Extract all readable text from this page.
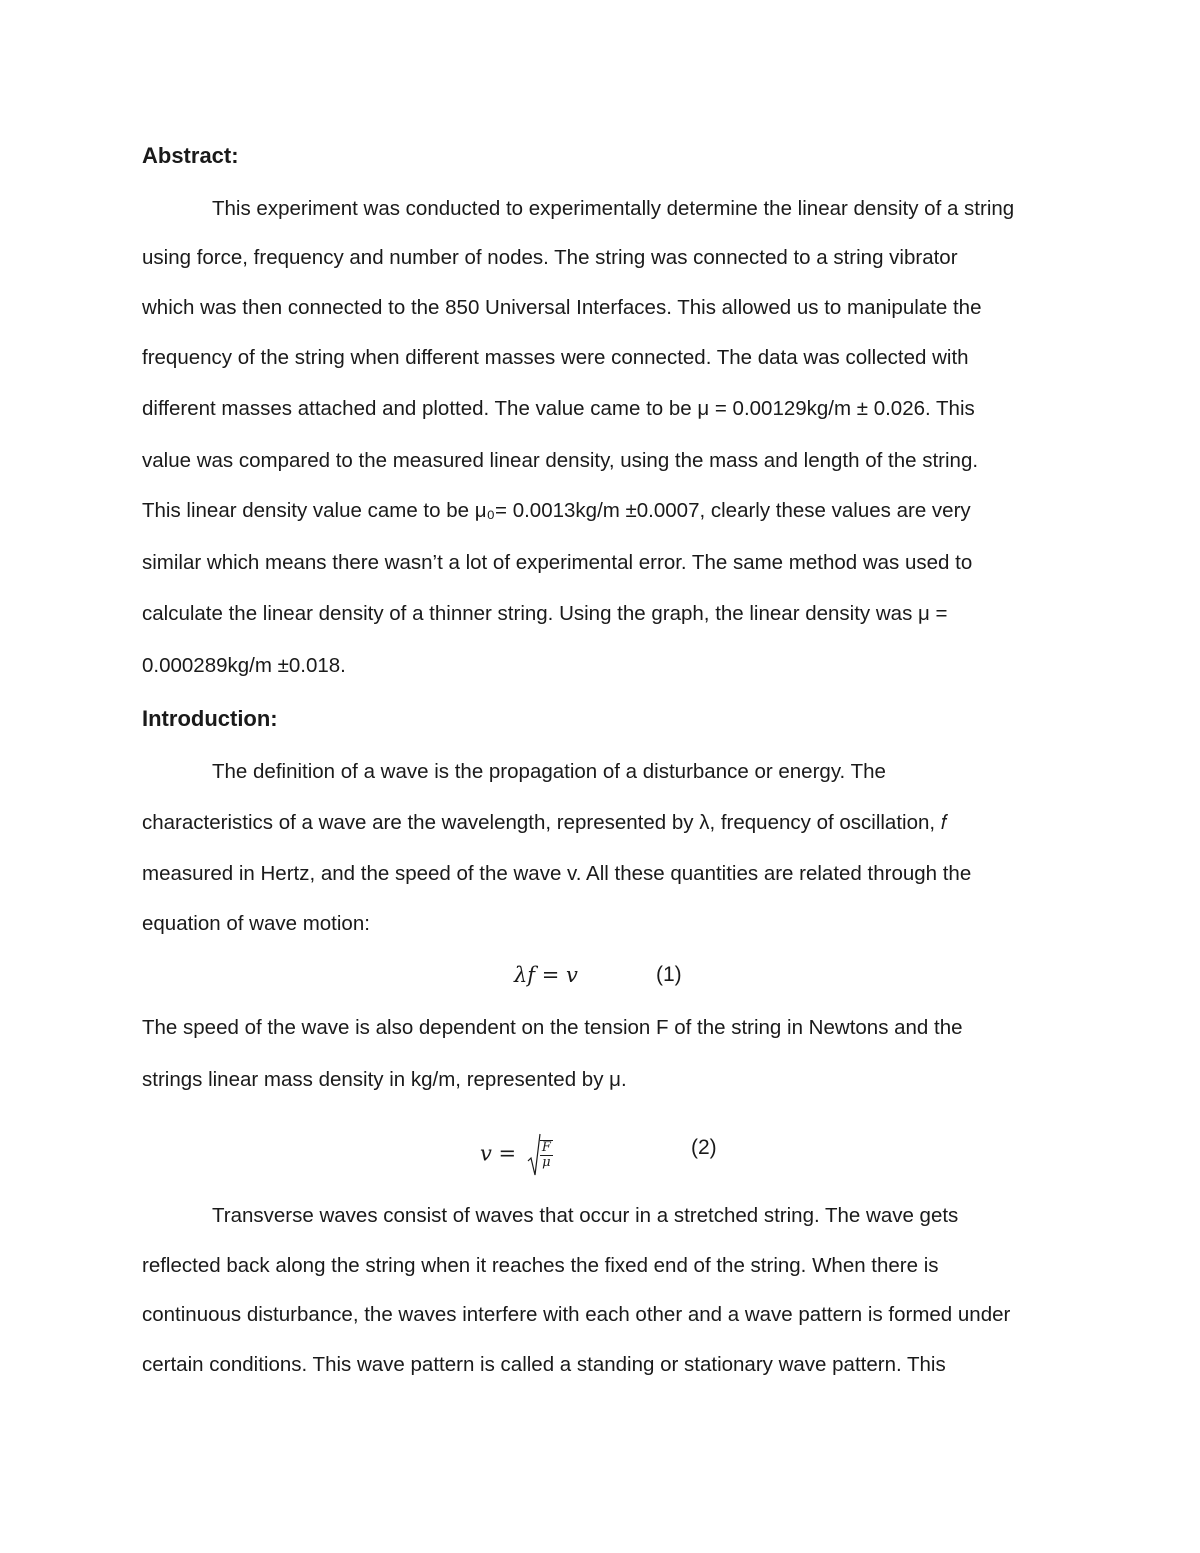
Abstract:
This experiment was conducted to experimentally determine the linear density of a string
using force, frequency and number of nodes. The string was connected to a string vibrator
which was then connected to the 850 Universal Interfaces. This allowed us to manipulate the
frequency of the string when different masses were connected. The data was collected with
different masses attached and plotted. The value came to be μ = 0.00129kg/m ± 0.026. This
value was compared to the measured linear density, using the mass and length of the string.
This linear density value came to be μ₀= 0.0013kg/m ±0.0007, clearly these values are very
similar which means there wasn’t a lot of experimental error. The same method was used to
calculate the linear density of a thinner string. Using the graph, the linear density was μ =
0.000289kg/m ±0.018.
Introduction:
The definition of a wave is the propagation of a disturbance or energy. The
characteristics of a wave are the wavelength, represented by λ, frequency of oscillation, 𝑓
measured in Hertz, and the speed of the wave v. All these quantities are related through the
equation of wave motion:
λ𝑓 = 𝑣	(1)
The speed of the wave is also dependent on the tension F of the string in Newtons and the
strings linear mass density in kg/m, represented by μ.
𝑣 = $\frac{\text{𝐹}}{\text{𝜇}}$	(2)
Transverse waves consist of waves that occur in a stretched string. The wave gets
reflected back along the string when it reaches the fixed end of the string. When there is
continuous disturbance, the waves interfere with each other and a wave pattern is formed under
certain conditions. This wave pattern is called a standing or stationary wave pattern. This
